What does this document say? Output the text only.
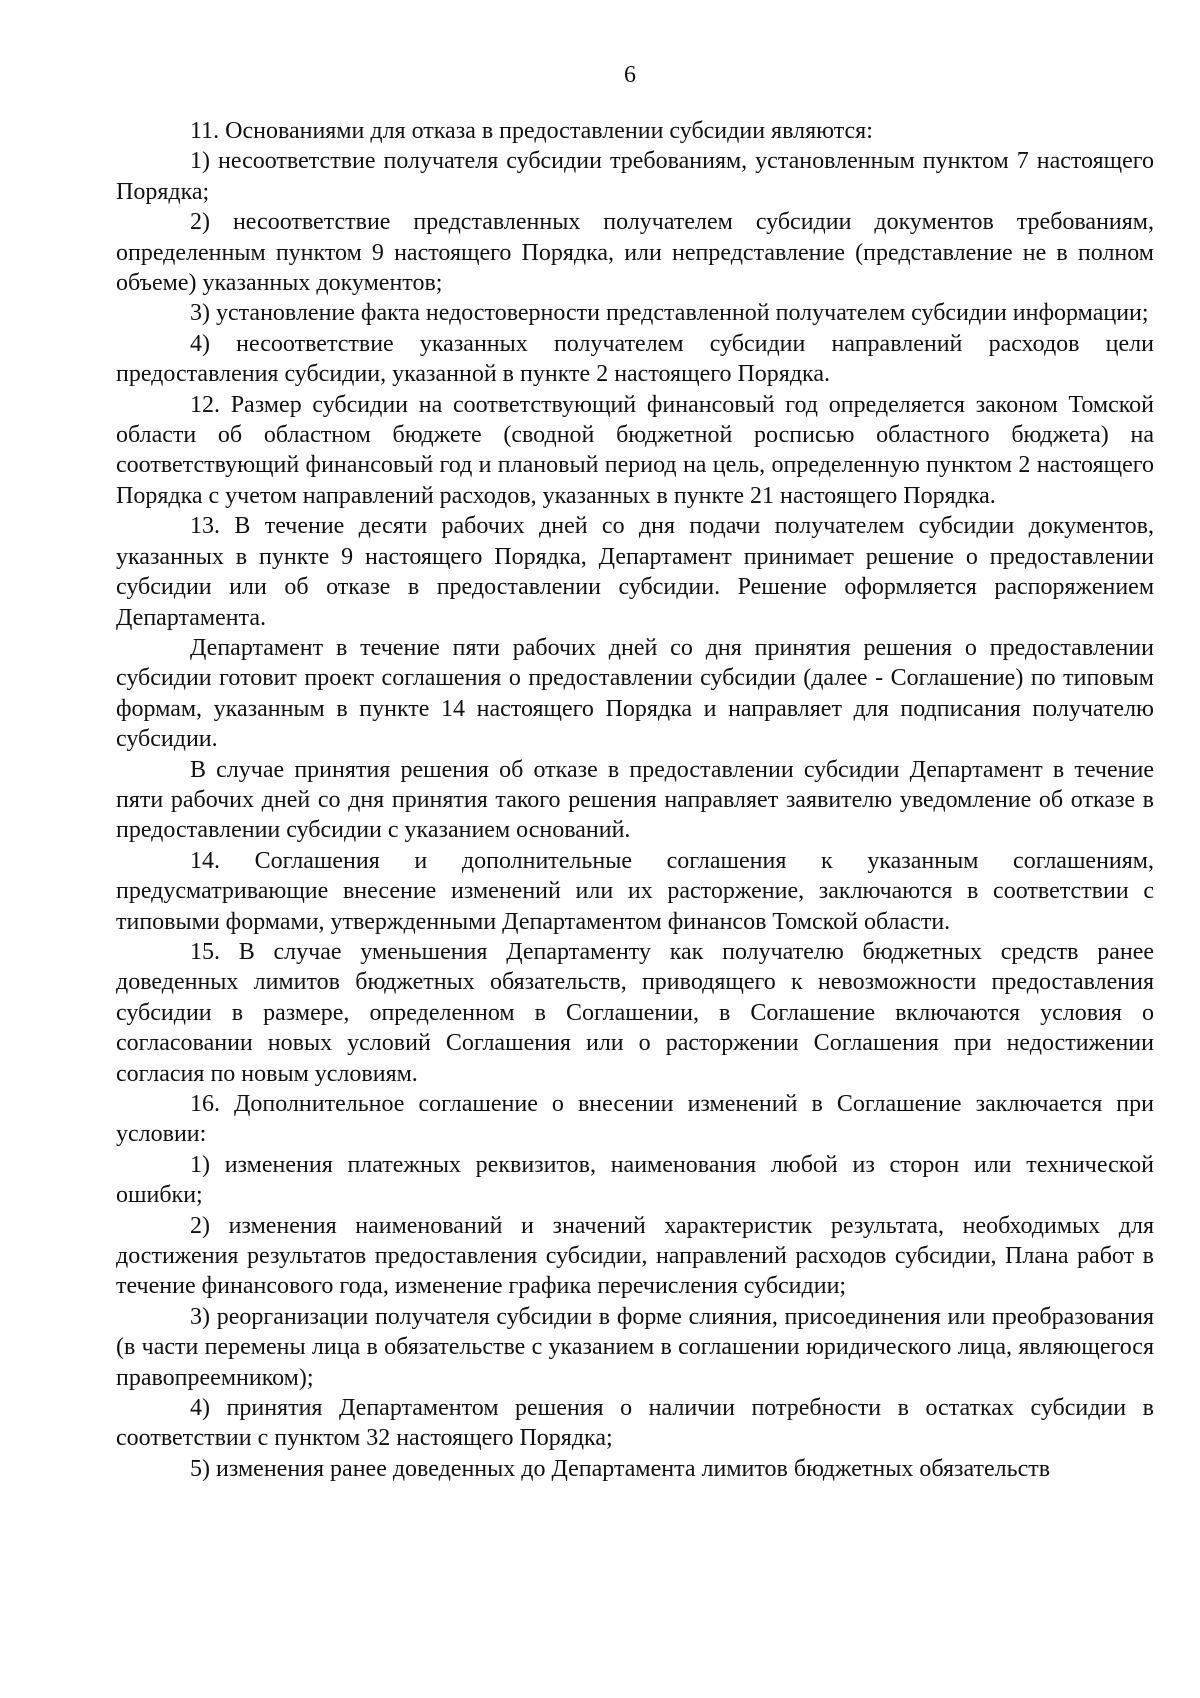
6

11. Основаниями для отказа в предоставлении субсидии являются:

1) несоответствие получателя субсидии требованиям, установленным пунктом 7 настоящего Порядка;

2) несоответствие представленных получателем субсидии документов требованиям, определенным пунктом 9 настоящего Порядка, или непредставление (представление не в полном объеме) указанных документов;

3) установление факта недостоверности представленной получателем субсидии информации;

4) несоответствие указанных получателем субсидии направлений расходов цели предоставления субсидии, указанной в пункте 2 настоящего Порядка.

12. Размер субсидии на соответствующий финансовый год определяется законом Томской области об областном бюджете (сводной бюджетной росписью областного бюджета) на соответствующий финансовый год и плановый период на цель, определенную пунктом 2 настоящего Порядка с учетом направлений расходов, указанных в пункте 21 настоящего Порядка.

13. В течение десяти рабочих дней со дня подачи получателем субсидии документов, указанных в пункте 9 настоящего Порядка, Департамент принимает решение о предоставлении субсидии или об отказе в предоставлении субсидии. Решение оформляется распоряжением Департамента.

Департамент в течение пяти рабочих дней со дня принятия решения о предоставлении субсидии готовит проект соглашения о предоставлении субсидии (далее - Соглашение) по типовым формам, указанным в пункте 14 настоящего Порядка и направляет для подписания получателю субсидии.

В случае принятия решения об отказе в предоставлении субсидии Департамент в течение пяти рабочих дней со дня принятия такого решения направляет заявителю уведомление об отказе в предоставлении субсидии с указанием оснований.

14. Соглашения и дополнительные соглашения к указанным соглашениям, предусматривающие внесение изменений или их расторжение, заключаются в соответствии с типовыми формами, утвержденными Департаментом финансов Томской области.

15. В случае уменьшения Департаменту как получателю бюджетных средств ранее доведенных лимитов бюджетных обязательств, приводящего к невозможности предоставления субсидии в размере, определенном в Соглашении, в Соглашение включаются условия о согласовании новых условий Соглашения или о расторжении Соглашения при недостижении согласия по новым условиям.

16. Дополнительное соглашение о внесении изменений в Соглашение заключается при условии:

1) изменения платежных реквизитов, наименования любой из сторон или технической ошибки;

2) изменения наименований и значений характеристик результата, необходимых для достижения результатов предоставления субсидии, направлений расходов субсидии, Плана работ в течение финансового года, изменение графика перечисления субсидии;

3) реорганизации получателя субсидии в форме слияния, присоединения или преобразования (в части перемены лица в обязательстве с указанием в соглашении юридического лица, являющегося правопреемником);

4) принятия Департаментом решения о наличии потребности в остатках субсидии в соответствии с пунктом 32 настоящего Порядка;

5) изменения ранее доведенных до Департамента лимитов бюджетных обязательств
